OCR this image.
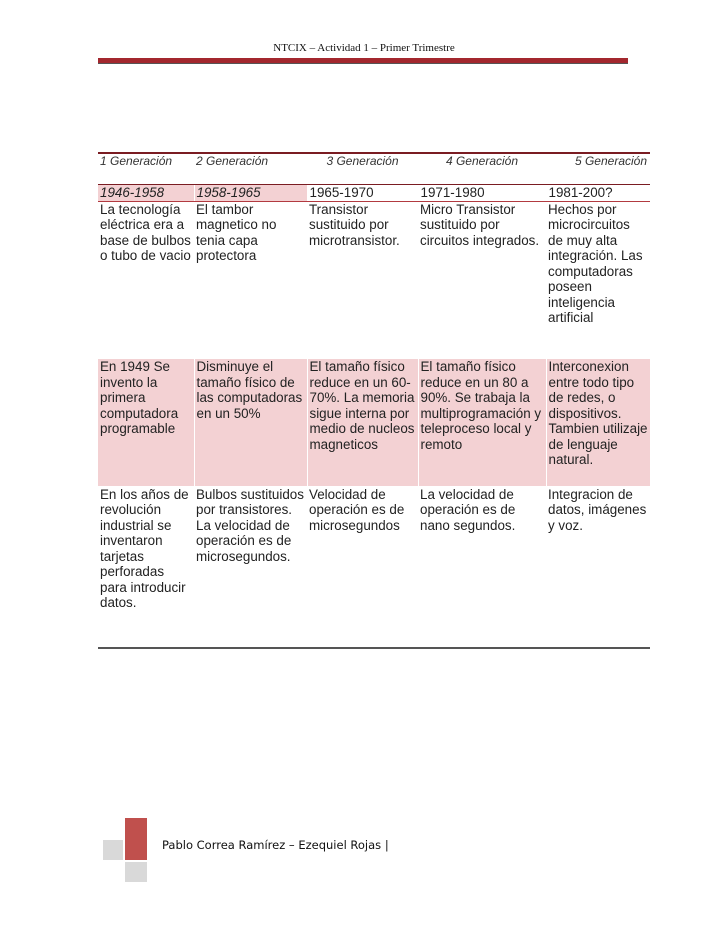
NTCIX – Actividad 1 – Primer Trimestre
1 Generación	2 Generación	3 Generación	4 Generación	5 Generación
1946-1958	1958-1965	1965-1970	1971-1980	1981-200?
La tecnología eléctrica era a base de bulbos o tubo de vacio	El tambor magnetico no tenia capa protectora	Transistor sustituido por microtransistor.	Micro Transistor sustituido por circuitos integrados.	Hechos por microcircuitos de muy alta integración. Las computadoras poseen inteligencia artificial
En 1949 Se invento la primera computadora programable	Disminuye el tamaño físico de las computadoras en un 50%	El tamaño físico reduce en un 60-70%. La memoria sigue interna por medio de nucleos magneticos	El tamaño físico reduce en un 80 a 90%. Se trabaja la multiprogramación y teleproceso local y remoto	Interconexion entre todo tipo de redes, o dispositivos. Tambien utilizaje de lenguaje natural.
En los años de revolución industrial se inventaron tarjetas perforadas para introducir datos.	Bulbos sustituidos por transistores. La velocidad de operación es de microsegundos.	Velocidad de operación es de microsegundos	La velocidad de operación es de nano segundos.	Integracion de datos, imágenes y voz.
Pablo Correa Ramírez – Ezequiel Rojas |
